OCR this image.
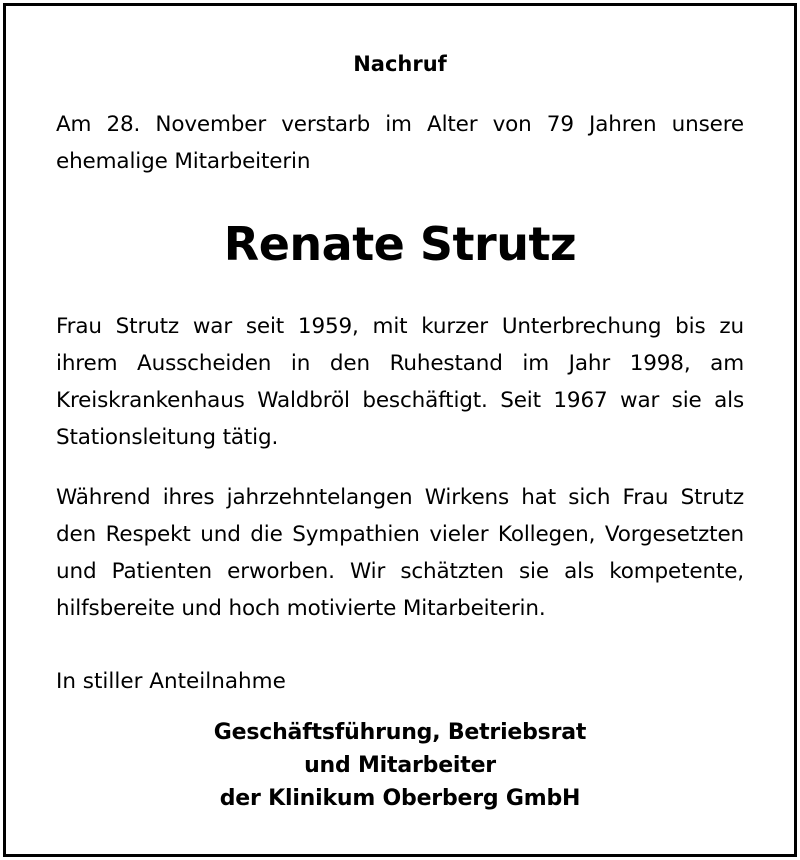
Nachruf
Am 28. November verstarb im Alter von 79 Jahren unsere ehemalige Mitarbeiterin
Renate Strutz
Frau Strutz war seit 1959, mit kurzer Unterbrechung bis zu ihrem Ausscheiden in den Ruhestand im Jahr 1998, am Kreiskrankenhaus Waldbröl beschäftigt. Seit 1967 war sie als Stationsleitung tätig.
Während ihres jahrzehntelangen Wirkens hat sich Frau Strutz den Respekt und die Sympathien vieler Kollegen, Vorgesetzten und Patienten erworben. Wir schätzten sie als kompetente, hilfsbereite und hoch motivierte Mitarbeiterin.
In stiller Anteilnahme
Geschäftsführung, Betriebsrat
und Mitarbeiter
der Klinikum Oberberg GmbH
